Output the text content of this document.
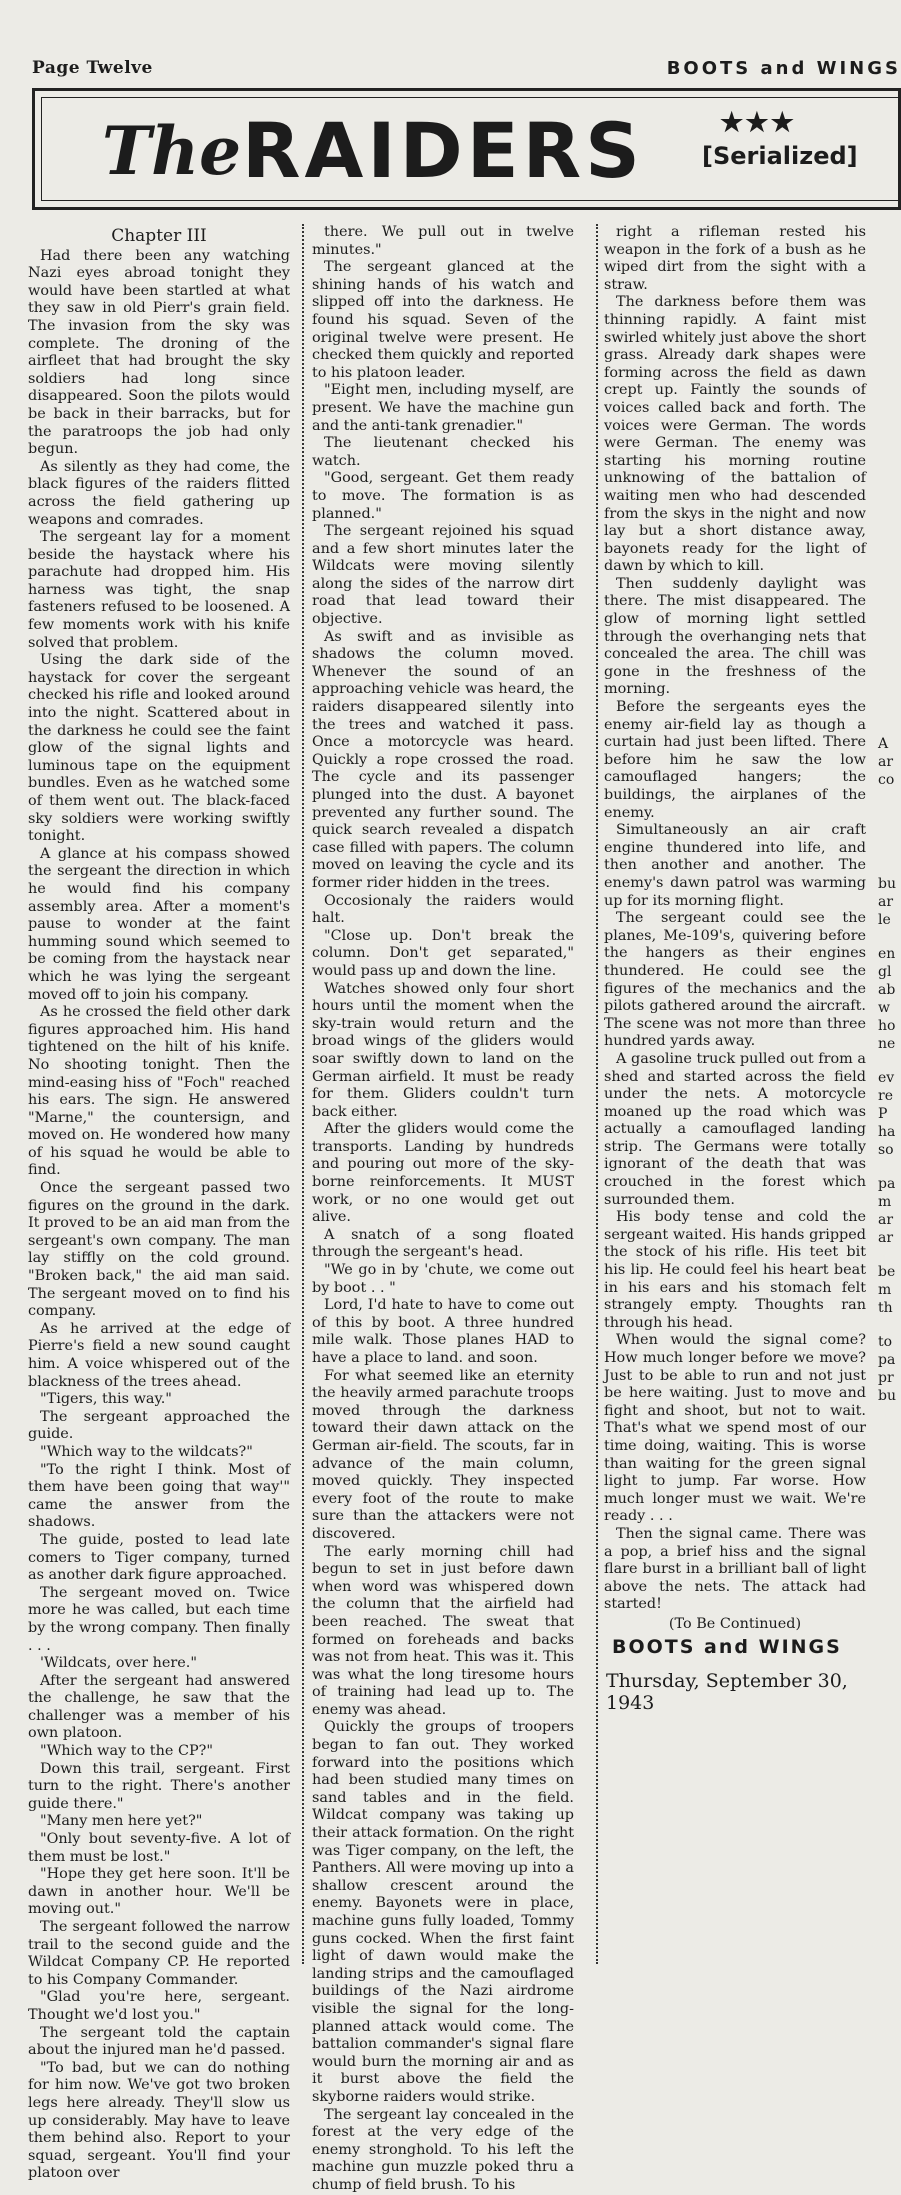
Page Twelve	BOOTS and WINGS
The RAIDERS	★★★
[Serialized]
Chapter III

Had there been any watching Nazi eyes abroad tonight they would have been startled at what they saw in old Pierr's grain field. The invasion from the sky was complete. The droning of the airfleet that had brought the sky soldiers had long since disappeared. Soon the pilots would be back in their barracks, but for the paratroops the job had only begun.

As silently as they had come, the black figures of the raiders flitted across the field gathering up weapons and comrades.

The sergeant lay for a moment beside the haystack where his parachute had dropped him. His harness was tight, the snap fasteners refused to be loosened. A few moments work with his knife solved that problem.

Using the dark side of the haystack for cover the sergeant checked his rifle and looked around into the night. Scattered about in the darkness he could see the faint glow of the signal lights and luminous tape on the equipment bundles. Even as he watched some of them went out. The black-faced sky soldiers were working swiftly tonight.

A glance at his compass showed the sergeant the direction in which he would find his company assembly area. After a moment's pause to wonder at the faint humming sound which seemed to be coming from the haystack near which he was lying the sergeant moved off to join his company.

As he crossed the field other dark figures approached him. His hand tightened on the hilt of his knife. No shooting tonight. Then the mind-easing hiss of "Foch" reached his ears. The sign. He answered "Marne," the countersign, and moved on. He wondered how many of his squad he would be able to find.

Once the sergeant passed two figures on the ground in the dark. It proved to be an aid man from the sergeant's own company. The man lay stiffly on the cold ground. "Broken back," the aid man said. The sergeant moved on to find his company.

As he arrived at the edge of Pierre's field a new sound caught him. A voice whispered out of the blackness of the trees ahead.

"Tigers, this way."

The sergeant approached the guide.

"Which way to the wildcats?"

"To the right I think. Most of them have been going that way'" came the answer from the shadows.

The guide, posted to lead late comers to Tiger company, turned as another dark figure approached.

The sergeant moved on. Twice more he was called, but each time by the wrong company. Then finally . . .

'Wildcats, over here."

After the sergeant had answered the challenge, he saw that the challenger was a member of his own platoon.

"Which way to the CP?"

Down this trail, sergeant. First turn to the right. There's another guide there."

"Many men here yet?"

"Only bout seventy-five. A lot of them must be lost."

"Hope they get here soon. It'll be dawn in another hour. We'll be moving out."

The sergeant followed the narrow trail to the second guide and the Wildcat Company CP. He reported to his Company Commander.

"Glad you're here, sergeant. Thought we'd lost you."

The sergeant told the captain about the injured man he'd passed.

"To bad, but we can do nothing for him now. We've got two broken legs here already. They'll slow us up considerably. May have to leave them behind also. Report to your squad, sergeant. You'll find your platoon over

there. We pull out in twelve minutes."

The sergeant glanced at the shining hands of his watch and slipped off into the darkness. He found his squad. Seven of the original twelve were present. He checked them quickly and reported to his platoon leader.

"Eight men, including myself, are present. We have the machine gun and the anti-tank grenadier."

The lieutenant checked his watch.

"Good, sergeant. Get them ready to move. The formation is as planned."

The sergeant rejoined his squad and a few short minutes later the Wildcats were moving silently along the sides of the narrow dirt road that lead toward their objective.

As swift and as invisible as shadows the column moved. Whenever the sound of an approaching vehicle was heard, the raiders disappeared silently into the trees and watched it pass. Once a motorcycle was heard. Quickly a rope crossed the road. The cycle and its passenger plunged into the dust. A bayonet prevented any further sound. The quick search revealed a dispatch case filled with papers. The column moved on leaving the cycle and its former rider hidden in the trees.

Occosionaly the raiders would halt.

"Close up. Don't break the column. Don't get separated," would pass up and down the line.

Watches showed only four short hours until the moment when the sky-train would return and the broad wings of the gliders would soar swiftly down to land on the German airfield. It must be ready for them. Gliders couldn't turn back either.

After the gliders would come the transports. Landing by hundreds and pouring out more of the sky-borne reinforcements. It MUST work, or no one would get out alive.

A snatch of a song floated through the sergeant's head.

"We go in by 'chute, we come out by boot . . "

Lord, I'd hate to have to come out of this by boot. A three hundred mile walk. Those planes HAD to have a place to land. and soon.

For what seemed like an eternity the heavily armed parachute troops moved through the darkness toward their dawn attack on the German air-field. The scouts, far in advance of the main column, moved quickly. They inspected every foot of the route to make sure than the attackers were not discovered.

The early morning chill had begun to set in just before dawn when word was whispered down the column that the airfield had been reached. The sweat that formed on foreheads and backs was not from heat. This was it. This was what the long tiresome hours of training had lead up to. The enemy was ahead.

Quickly the groups of troopers began to fan out. They worked forward into the positions which had been studied many times on sand tables and in the field. Wildcat company was taking up their attack formation. On the right was Tiger company, on the left, the Panthers. All were moving up into a shallow crescent around the enemy. Bayonets were in place, machine guns fully loaded, Tommy guns cocked. When the first faint light of dawn would make the landing strips and the camouflaged buildings of the Nazi airdrome visible the signal for the long-planned attack would come. The battalion commander's signal flare would burn the morning air and as it burst above the field the skyborne raiders would strike.

The sergeant lay concealed in the forest at the very edge of the enemy stronghold. To his left the machine gun muzzle poked thru a chump of field brush. To his

right a rifleman rested his weapon in the fork of a bush as he wiped dirt from the sight with a straw.

The darkness before them was thinning rapidly. A faint mist swirled whitely just above the short grass. Already dark shapes were forming across the field as dawn crept up. Faintly the sounds of voices called back and forth. The voices were German. The words were German. The enemy was starting his morning routine unknowing of the battalion of waiting men who had descended from the skys in the night and now lay but a short distance away, bayonets ready for the light of dawn by which to kill.

Then suddenly daylight was there. The mist disappeared. The glow of morning light settled through the overhanging nets that concealed the area. The chill was gone in the freshness of the morning.

Before the sergeants eyes the enemy air-field lay as though a curtain had just been lifted. There before him he saw the low camouflaged hangers; the buildings, the airplanes of the enemy.

Simultaneously an air craft engine thundered into life, and then another and another. The enemy's dawn patrol was warming up for its morning flight.

The sergeant could see the planes, Me-109's, quivering before the hangers as their engines thundered. He could see the figures of the mechanics and the pilots gathered around the aircraft. The scene was not more than three hundred yards away.

A gasoline truck pulled out from a shed and started across the field under the nets. A motorcycle moaned up the road which was actually a camouflaged landing strip. The Germans were totally ignorant of the death that was crouched in the forest which surrounded them.

His body tense and cold the sergeant waited. His hands gripped the stock of his rifle. His teet bit his lip. He could feel his heart beat in his ears and his stomach felt strangely empty. Thoughts ran through his head.

When would the signal come? How much longer before we move? Just to be able to run and not just be here waiting. Just to move and fight and shoot, but not to wait. That's what we spend most of our time doing, waiting. This is worse than waiting for the green signal light to jump. Far worse. How much longer must we wait. We're ready . . .

Then the signal came. There was a pop, a brief hiss and the signal flare burst in a brilliant ball of light above the nets. The attack had started!

(To Be Continued)
BOOTS and WINGS
Thursday, September 30, 1943
A
ar
co
bu
ar
le
en
gl
ab
w
ho
ne
ev
re
P
ha
so
pa
m
ar
ar
be
m
th
to
pa
pr
bu
